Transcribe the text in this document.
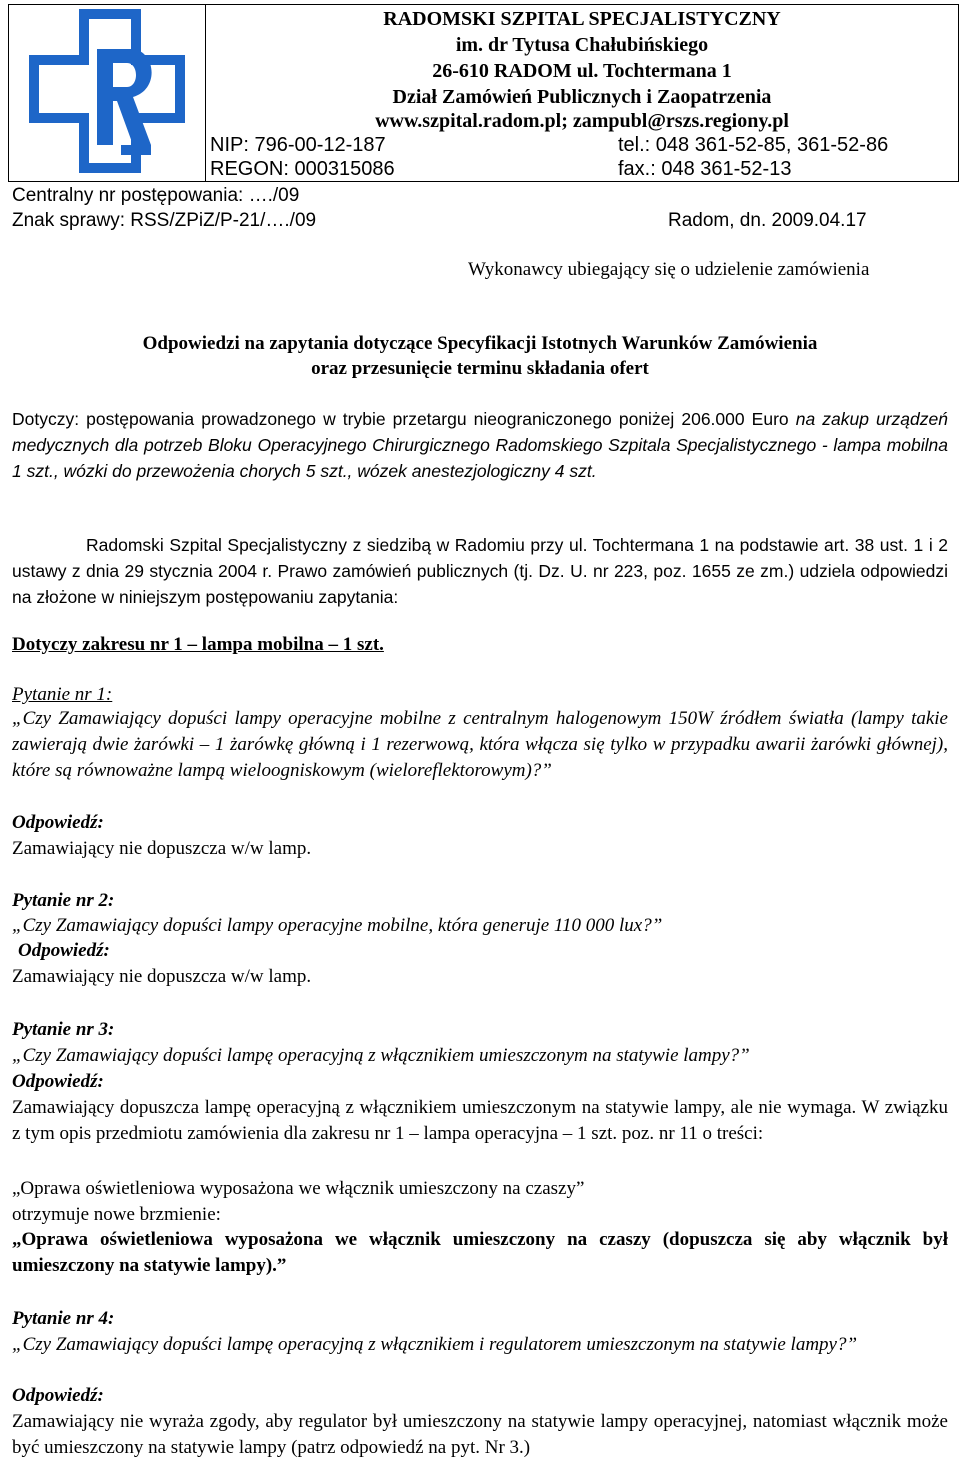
RADOMSKI SZPITAL SPECJALISTYCZNY
im. dr Tytusa Chałubińskiego
26-610 RADOM ul. Tochtermana 1
Dział Zamówień Publicznych i Zaopatrzenia
www.szpital.radom.pl; zampubl@rszs.regiony.pl
NIP: 796-00-12-187	tel.: 048 361-52-85, 361-52-86
REGON: 000315086	fax.: 048 361-52-13
Centralny nr postępowania: …./09
Znak sprawy: RSS/ZPiZ/P-21/…./09	Radom, dn. 2009.04.17
Wykonawcy ubiegający się o udzielenie zamówienia
Odpowiedzi na zapytania dotyczące Specyfikacji Istotnych Warunków Zamówienia
oraz przesunięcie terminu składania ofert
Dotyczy: postępowania prowadzonego w trybie przetargu nieograniczonego poniżej 206.000 Euro na zakup urządzeń medycznych dla potrzeb Bloku Operacyjnego Chirurgicznego Radomskiego Szpitala Specjalistycznego - lampa mobilna 1 szt., wózki do przewożenia chorych 5 szt., wózek anestezjologiczny 4 szt.
Radomski Szpital Specjalistyczny z siedzibą w Radomiu przy ul. Tochtermana 1 na podstawie art. 38 ust. 1 i 2 ustawy z dnia 29 stycznia 2004 r. Prawo zamówień publicznych (tj. Dz. U. nr 223, poz. 1655 ze zm.) udziela odpowiedzi na złożone w niniejszym postępowaniu zapytania:
Dotyczy zakresu nr 1 – lampa mobilna – 1 szt.
Pytanie nr 1:
„Czy Zamawiający dopuści lampy operacyjne mobilne z centralnym halogenowym 150W źródłem światła (lampy takie zawierają dwie żarówki – 1 żarówkę główną i 1 rezerwową, która włącza się tylko w przypadku awarii żarówki głównej), które są równoważne lampą wieloogniskowym (wieloreflektorowym)?”
Odpowiedź:
Zamawiający nie dopuszcza w/w lamp.
Pytanie nr 2:
„Czy Zamawiający dopuści lampy operacyjne mobilne, która generuje 110 000 lux?”
Odpowiedź:
Zamawiający nie dopuszcza w/w lamp.
Pytanie nr 3:
„Czy Zamawiający dopuści lampę operacyjną z włącznikiem umieszczonym na statywie lampy?”
Odpowiedź:
Zamawiający dopuszcza lampę operacyjną z włącznikiem umieszczonym na statywie lampy, ale nie wymaga. W związku z tym opis przedmiotu zamówienia dla zakresu nr 1 – lampa operacyjna – 1 szt. poz. nr 11 o treści:
„Oprawa oświetleniowa wyposażona we włącznik umieszczony na czaszy”
otrzymuje nowe brzmienie:
„Oprawa oświetleniowa wyposażona we włącznik umieszczony na czaszy (dopuszcza się aby włącznik był umieszczony na statywie lampy).”
Pytanie nr 4:
„Czy Zamawiający dopuści lampę operacyjną z włącznikiem i regulatorem umieszczonym na statywie lampy?”
Odpowiedź:
Zamawiający nie wyraża zgody, aby regulator był umieszczony na statywie lampy operacyjnej, natomiast włącznik może być umieszczony na statywie lampy (patrz odpowiedź na pyt. Nr 3.)
